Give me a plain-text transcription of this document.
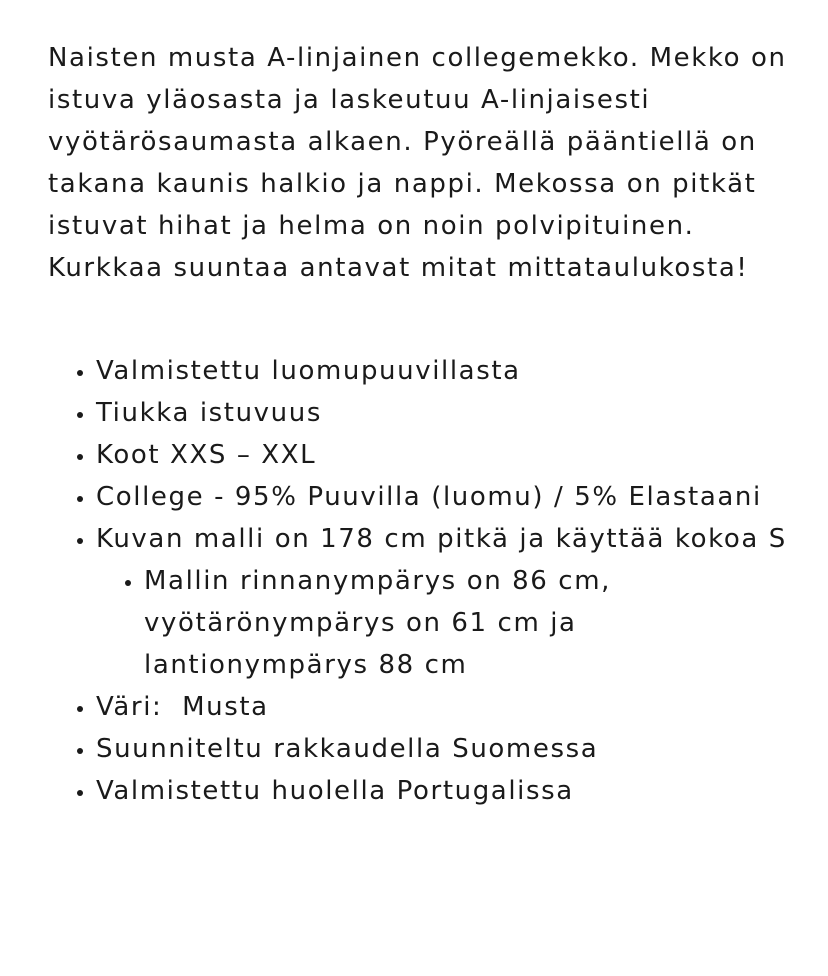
Naisten musta A-linjainen collegemekko. Mekko on istuva yläosasta ja laskeutuu A-linjaisesti vyötärösaumasta alkaen. Pyöreällä pääntiellä on takana kaunis halkio ja nappi. Mekossa on pitkät istuvat hihat ja helma on noin polvipituinen. Kurkkaa suuntaa antavat mitat mittataulukosta!

• Valmistettu luomupuuvillasta
• Tiukka istuvuus
• Koot XXS – XXL
• College - 95% Puuvilla (luomu) / 5% Elastaani
• Kuvan malli on 178 cm pitkä ja käyttää kokoa S
• Mallin rinnanympärys on 86 cm, vyötärönympärys on 61 cm ja lantionympärys 88 cm
• Väri:  Musta
• Suunniteltu rakkaudella Suomessa
• Valmistettu huolella Portugalissa
